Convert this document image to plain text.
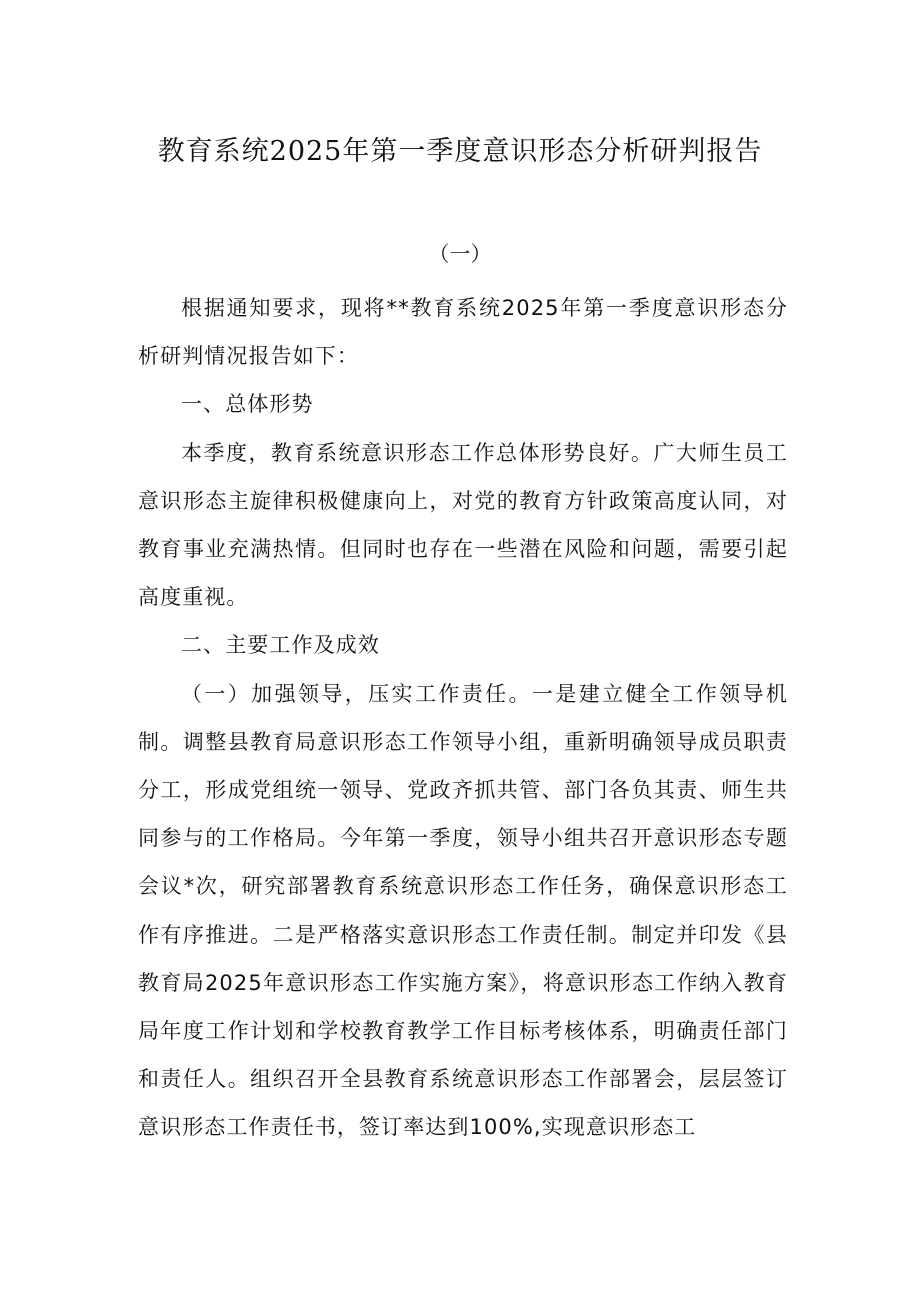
教育系统2025年第一季度意识形态分析研判报告
（一）

根据通知要求，现将**教育系统2025年第一季度意识形态分析研判情况报告如下：

一、总体形势

本季度，教育系统意识形态工作总体形势良好。广大师生员工意识形态主旋律积极健康向上，对党的教育方针政策高度认同，对教育事业充满热情。但同时也存在一些潜在风险和问题，需要引起高度重视。

二、主要工作及成效

（一）加强领导，压实工作责任。一是建立健全工作领导机制。调整县教育局意识形态工作领导小组，重新明确领导成员职责分工，形成党组统一领导、党政齐抓共管、部门各负其责、师生共同参与的工作格局。今年第一季度，领导小组共召开意识形态专题会议*次，研究部署教育系统意识形态工作任务，确保意识形态工作有序推进。二是严格落实意识形态工作责任制。制定并印发《县教育局2025年意识形态工作实施方案》，将意识形态工作纳入教育局年度工作计划和学校教育教学工作目标考核体系，明确责任部门和责任人。组织召开全县教育系统意识形态工作部署会，层层签订意识形态工作责任书，签订率达到100%,实现意识形态工
